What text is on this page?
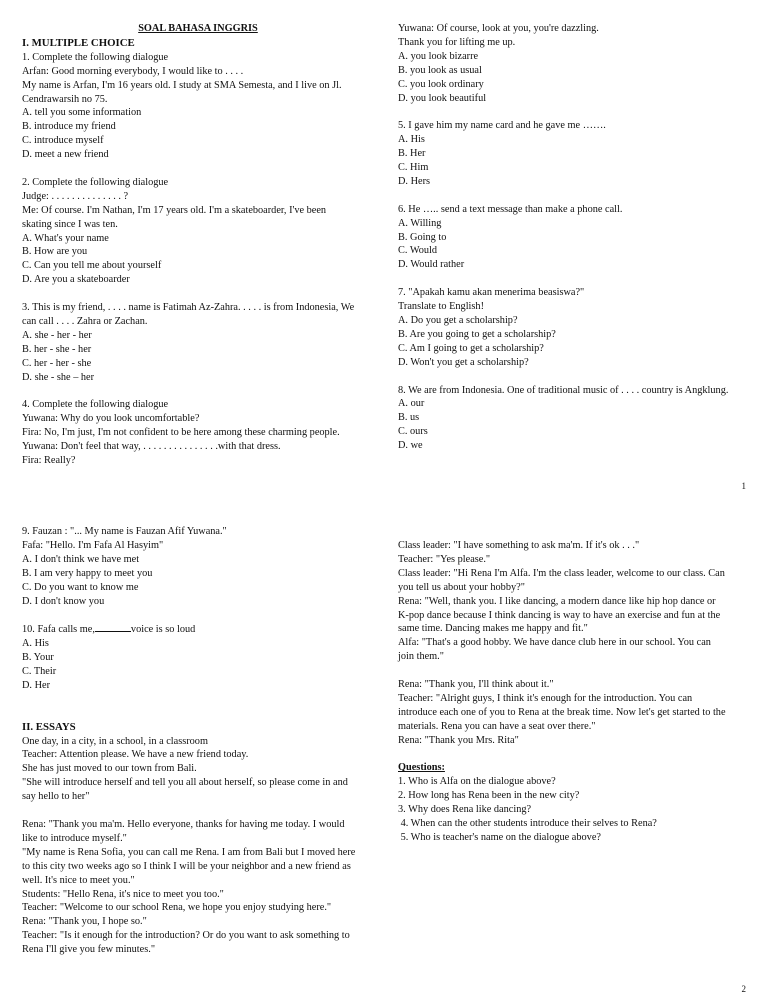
SOAL BAHASA INGGRIS
I. MULTIPLE CHOICE
1. Complete the following dialogue
Arfan: Good morning everybody, I would like to . . . .
My name is Arfan, I'm 16 years old. I study at SMA Semesta, and I live on Jl.
Cendrawarsih no 75.
A. tell you some information
B. introduce my friend
C. introduce myself
D. meet a new friend
2. Complete the following dialogue
Judge: . . . . . . . . . . . . . . ?
Me: Of course. I'm Nathan, I'm 17 years old. I'm a skateboarder, I've been
skating since I was ten.
A. What's your name
B. How are you
C. Can you tell me about yourself
D. Are you a skateboarder
3. This is my friend, . . . . name is Fatimah Az-Zahra. . . . . is from Indonesia, We
can call . . . . Zahra or Zachan.
A. she - her - her
B. her - she - her
C. her - her - she
D. she - she – her
4. Complete the following dialogue
Yuwana: Why do you look uncomfortable?
Fira: No, I'm just, I'm not confident to be here among these charming people.
Yuwana: Don't feel that way, . . . . . . . . . . . . . . .with that dress.
Fira: Really?
Yuwana: Of course, look at you, you're dazzling.
Thank you for lifting me up.
A. you look bizarre
B. you look as usual
C. you look ordinary
D. you look beautiful
5. I gave him my name card and he gave me …….
A. His
B. Her
C. Him
D. Hers
6. He ….. send a text message than make a phone call.
A. Willing
B. Going to
C. Would
D. Would rather
7. "Apakah kamu akan menerima beasiswa?"
Translate to English!
A. Do you get a scholarship?
B. Are you going to get a scholarship?
C. Am I going to get a scholarship?
D. Won't you get a scholarship?
8. We are from Indonesia. One of traditional music of . . . . country is Angklung.
A. our
B. us
C. ours
D. we
1
9. Fauzan : "... My name is Fauzan Afif Yuwana."
Fafa: "Hello. I'm Fafa Al Hasyim"
A. I don't think we have met
B. I am very happy to meet you
C. Do you want to know me
D. I don't know you
10. Fafa calls me,	voice is so loud
A. His
B. Your
C. Their
D. Her
II. ESSAYS
One day, in a city, in a school, in a classroom
Teacher: Attention please. We have a new friend today.
She has just moved to our town from Bali.
"She will introduce herself and tell you all about herself, so please come in and
say hello to her"
Rena: "Thank you ma'm. Hello everyone, thanks for having me today. I would
like to introduce myself."
"My name is Rena Sofia, you can call me Rena. I am from Bali but I moved here
to this city two weeks ago so I think I will be your neighbor and a new friend as
well. It's nice to meet you."
Students: "Hello Rena, it's nice to meet you too."
Teacher: "Welcome to our school Rena, we hope you enjoy studying here."
Rena: "Thank you, I hope so."
Teacher: "Is it enough for the introduction? Or do you want to ask something to
Rena I'll give you few minutes."
Class leader: "I have something to ask ma'm. If it's ok . . ."
Teacher: "Yes please."
Class leader: "Hi Rena I'm Alfa. I'm the class leader, welcome to our class. Can
you tell us about your hobby?"
Rena: "Well, thank you. I like dancing, a modern dance like hip hop dance or
K-pop dance because I think dancing is way to have an exercise and fun at the
same time. Dancing makes me happy and fit."
Alfa: "That's a good hobby. We have dance club here in our school. You can
join them."
Rena: "Thank you, I'll think about it."
Teacher: "Alright guys, I think it's enough for the introduction. You can
introduce each one of you to Rena at the break time. Now let's get started to the
materials. Rena you can have a seat over there."
Rena: "Thank you Mrs. Rita"
Questions:
1. Who is Alfa on the dialogue above?
2. How long has Rena been in the new city?
3. Why does Rena like dancing?
4. When can the other students introduce their selves to Rena?
5. Who is teacher's name on the dialogue above?
2
